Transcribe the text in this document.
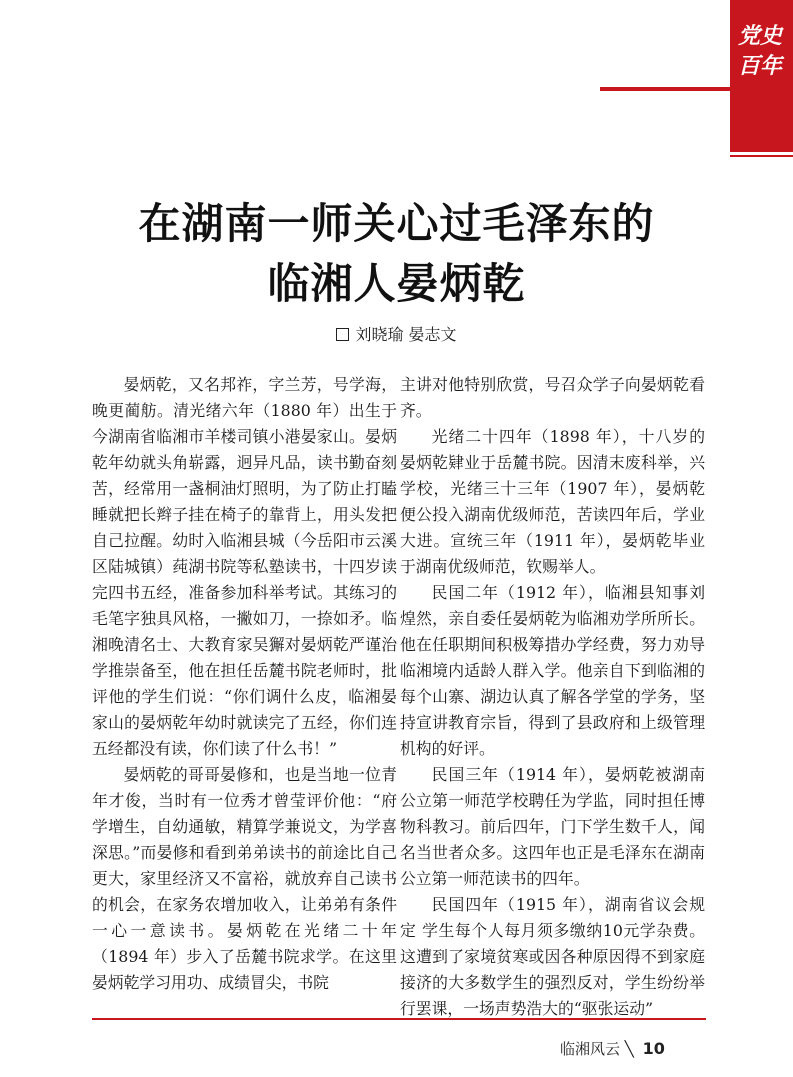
党史百年
在湖南一师关心过毛泽东的
临湘人晏炳乾
刘晓瑜 晏志文

晏炳乾，又名邦祚，字兰芳，号学海，晚更蔺舫。清光绪六年（1880 年）出生于今湖南省临湘市羊楼司镇小港晏家山。晏炳乾年幼就头角崭露，迥异凡品，读书勤奋刻苦，经常用一盏桐油灯照明，为了防止打瞌睡就把长辫子挂在椅子的靠背上，用头发把自己拉醒。幼时入临湘县城（今岳阳市云溪区陆城镇）莼湖书院等私塾读书，十四岁读完四书五经，准备参加科举考试。其练习的毛笔字独具风格，一撇如刀，一捺如矛。临湘晚清名士、大教育家吴獬对晏炳乾严谨治学推崇备至，他在担任岳麓书院老师时，批评他的学生们说：“你们调什么皮，临湘晏家山的晏炳乾年幼时就读完了五经，你们连五经都没有读，你们读了什么书！”

晏炳乾的哥哥晏修和，也是当地一位青年才俊，当时有一位秀才曾莹评价他：“府学增生，自幼通敏，精算学兼说文，为学喜深思。”而晏修和看到弟弟读书的前途比自己更大，家里经济又不富裕，就放弃自己读书的机会，在家务农增加收入，让弟弟有条件一心一意读书。晏炳乾在光绪二十年（1894 年）步入了岳麓书院求学。在这里晏炳乾学习用功、成绩冒尖，书院

主讲对他特别欣赏，号召众学子向晏炳乾看齐。

光绪二十四年（1898 年），十八岁的晏炳乾肄业于岳麓书院。因清末废科举，兴学校，光绪三十三年（1907 年），晏炳乾便公投入湖南优级师范，苦读四年后，学业大进。宣统三年（1911 年），晏炳乾毕业于湖南优级师范，钦赐举人。

民国二年（1912 年），临湘县知事刘煌然，亲自委任晏炳乾为临湘劝学所所长。他在任职期间积极筹措办学经费，努力劝导临湘境内适龄人群入学。他亲自下到临湘的每个山寨、湖边认真了解各学堂的学务，坚持宣讲教育宗旨，得到了县政府和上级管理机构的好评。

民国三年（1914 年），晏炳乾被湖南公立第一师范学校聘任为学监，同时担任博物科教习。前后四年，门下学生数千人，闻名当世者众多。这四年也正是毛泽东在湖南公立第一师范读书的四年。

民国四年（1915 年），湖南省议会规定 学生每个人每月须多缴纳10元学杂费。这遭到了家境贫寒或因各种原因得不到家庭接济的大多数学生的强烈反对，学生纷纷举行罢课，一场声势浩大的“驱张运动”

临湘风云 ╲ 10
